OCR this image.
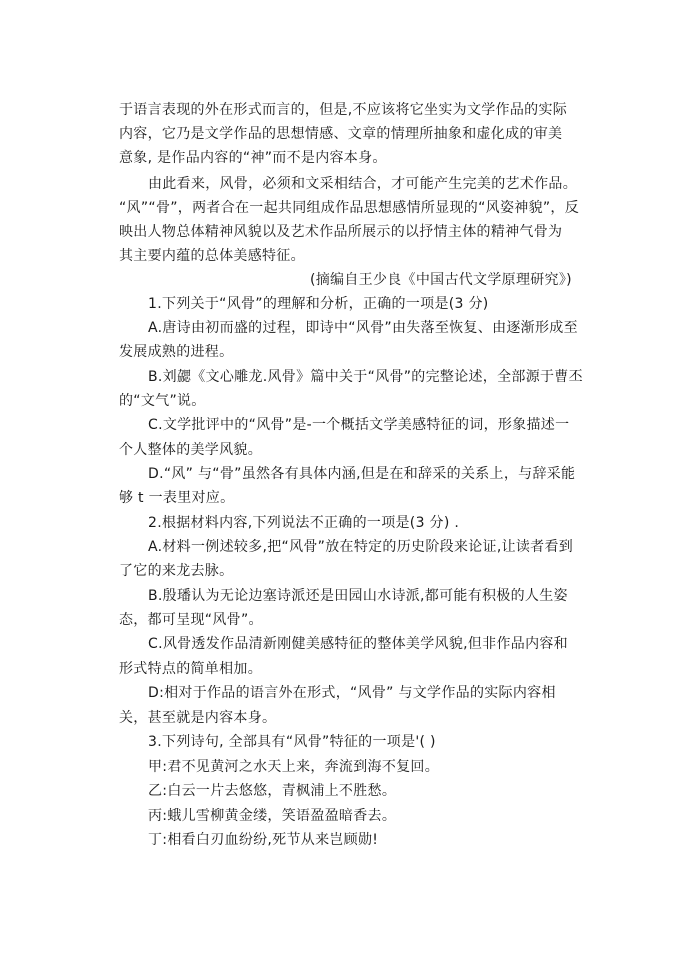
于语言表现的外在形式而言的，但是,不应该将它坐实为文学作品的实际
内容，它乃是文学作品的思想情感、文章的情理所抽象和虚化成的审美
意象, 是作品内容的“神”而不是内容本身。
由此看来，风骨，必须和文采相结合，才可能产生完美的艺术作品。
“风”“骨”，两者合在一起共同组成作品思想感情所显现的“风姿神貌”，反
映出人物总体精神风貌以及艺术作品所展示的以抒情主体的精神气骨为
其主要内蕴的总体美感特征。
(摘编自王少良《中国古代文学原理研究》)
1.下列关于“风骨”的理解和分析，正确的一项是(3 分)
A.唐诗由初而盛的过程，即诗中“风骨”由失落至恢复、由逐渐形成至
发展成熟的进程。
B.刘勰《文心雕龙.风骨》篇中关于“风骨”的完整论述，全部源于曹丕
的“文气”说。
C.文学批评中的“风骨”是-一个概括文学美感特征的词，形象描述一
个人整体的美学风貌。
D.“风” 与“骨”虽然各有具体内涵,但是在和辞采的关系上，与辞采能
够 t 一表里对应。
2.根据材料内容,下列说法不正确的一项是(3 分) .
A.材料一例述较多,把“风骨”放在特定的历史阶段来论证,让读者看到
了它的来龙去脉。
B.殷璠认为无论边塞诗派还是田园山水诗派,都可能有积极的人生姿
态，都可呈现“风骨”。
C.风骨透发作品清新刚健美感特征的整体美学风貌,但非作品内容和
形式特点的简单相加。
D:相对于作品的语言外在形式，“风骨” 与文学作品的实际内容相
关，甚至就是内容本身。
3.下列诗句, 全部具有“风骨”特征的一项是'( )
甲:君不见黄河之水天上来，奔流到海不复回。
乙:白云一片去悠悠，青枫浦上不胜愁。
丙:蛾儿雪柳黄金缕，笑语盈盈暗香去。
丁:相看白刃血纷纷,死节从来岂顾勋!
